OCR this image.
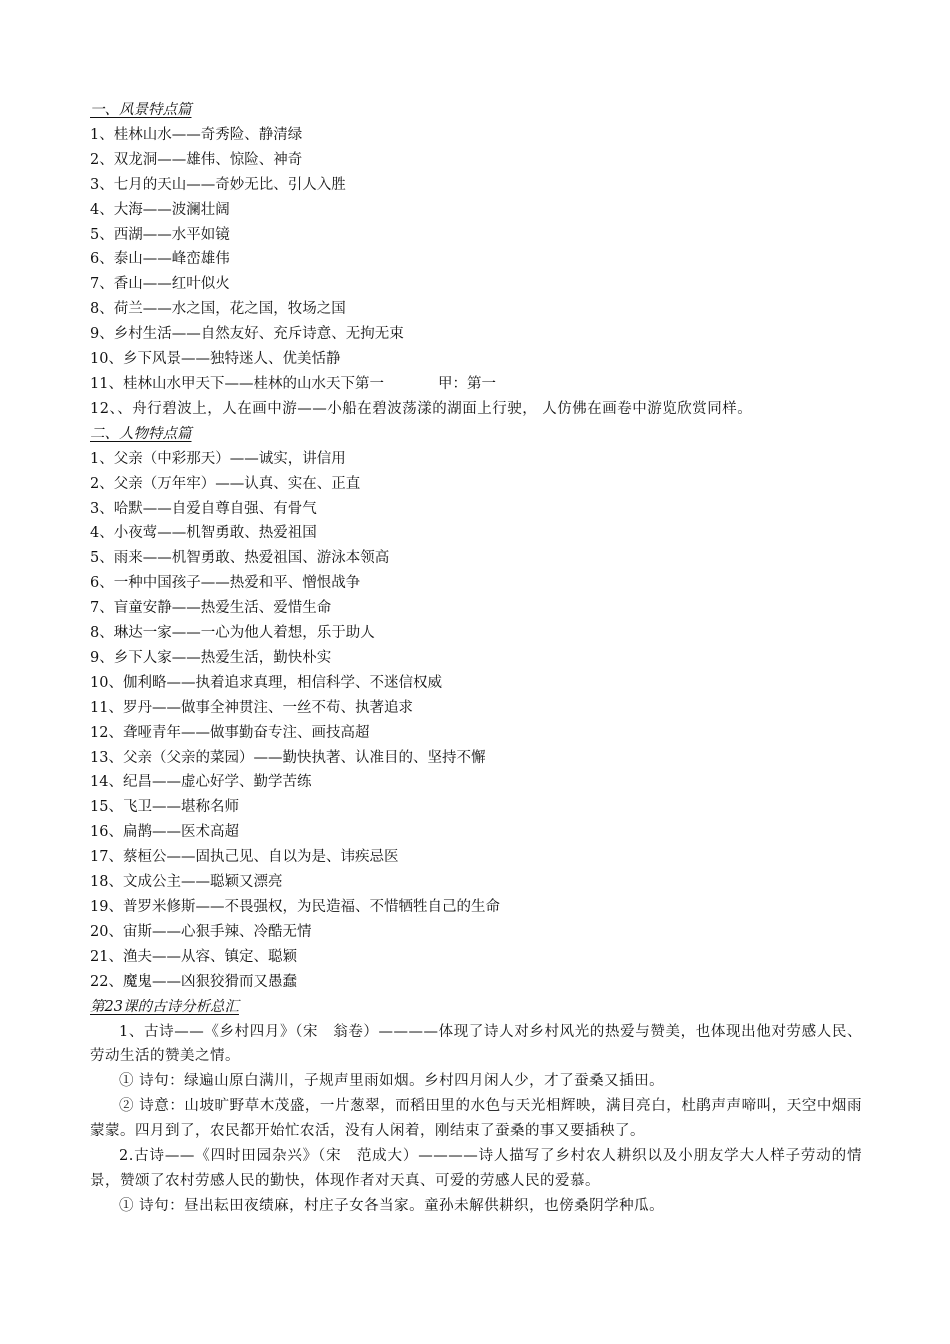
一、风景特点篇
1、桂林山水——奇秀险、静清绿
2、双龙洞——雄伟、惊险、神奇
3、七月的天山——奇妙无比、引人入胜
4、大海——波澜壮阔
5、西湖——水平如镜
6、泰山——峰峦雄伟
7、香山——红叶似火
8、荷兰——水之国，花之国，牧场之国
9、乡村生活——自然友好、充斥诗意、无拘无束
10、乡下风景——独特迷人、优美恬静
11、桂林山水甲天下——桂林的山水天下第一	甲：第一
12、、舟行碧波上，人在画中游——小船在碧波荡漾的湖面上行驶， 人仿佛在画卷中游览欣赏同样。
二、人物特点篇
1、父亲（中彩那天）——诚实，讲信用
2、父亲（万年牢）——认真、实在、正直
3、哈默——自爱自尊自强、有骨气
4、小夜莺——机智勇敢、热爱祖国
5、雨来——机智勇敢、热爱祖国、游泳本领高
6、一种中国孩子——热爱和平、憎恨战争
7、盲童安静——热爱生活、爱惜生命
8、琳达一家——一心为他人着想，乐于助人
9、乡下人家——热爱生活，勤快朴实
10、伽利略——执着追求真理，相信科学、不迷信权威
11、罗丹——做事全神贯注、一丝不苟、执著追求
12、聋哑青年——做事勤奋专注、画技高超
13、父亲（父亲的菜园）——勤快执著、认准目的、坚持不懈
14、纪昌——虚心好学、勤学苦练
15、飞卫——堪称名师
16、扁鹊——医术高超
17、蔡桓公——固执己见、自以为是、讳疾忌医
18、文成公主——聪颖又漂亮
19、普罗米修斯——不畏强权，为民造福、不惜牺牲自己的生命
20、宙斯——心狠手辣、冷酷无情
21、渔夫——从容、镇定、聪颖
22、魔鬼——凶狠狡猾而又愚蠢
第23课的古诗分析总汇
1、古诗——《乡村四月》（宋　翁卷）————体现了诗人对乡村风光的热爱与赞美，也体现出他对劳感人民、劳动生活的赞美之情。
① 诗句：绿遍山原白满川，子规声里雨如烟。乡村四月闲人少，才了蚕桑又插田。
② 诗意：山坡旷野草木茂盛，一片葱翠，而稻田里的水色与天光相辉映，满目亮白，杜鹃声声啼叫，天空中烟雨蒙蒙。四月到了，农民都开始忙农活，没有人闲着，刚结束了蚕桑的事又要插秧了。
2.古诗——《四时田园杂兴》（宋　范成大）————诗人描写了乡村农人耕织以及小朋友学大人样子劳动的情景，赞颂了农村劳感人民的勤快，体现作者对天真、可爱的劳感人民的爱慕。
① 诗句：昼出耘田夜绩麻，村庄子女各当家。童孙未解供耕织，也傍桑阴学种瓜。
